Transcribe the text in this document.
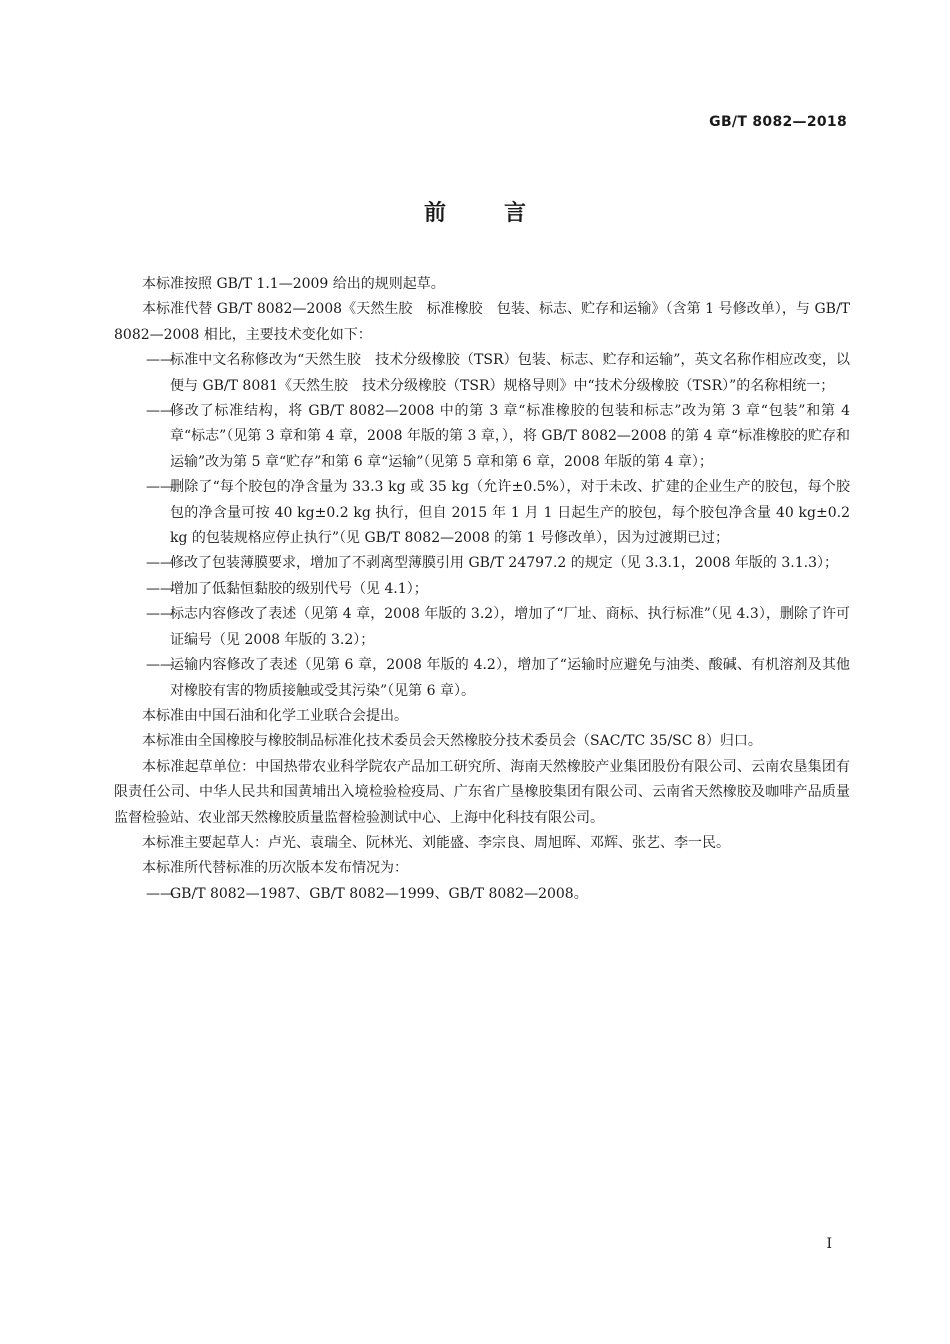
GB/T 8082—2018
前言

本标准按照 GB/T 1.1—2009 给出的规则起草。

本标准代替 GB/T 8082—2008《天然生胶　标准橡胶　包装、标志、贮存和运输》（含第 1 号修改单），与 GB/T 8082—2008 相比，主要技术变化如下：

——
标准中文名称修改为“天然生胶　技术分级橡胶（TSR）包装、标志、贮存和运输”，英文名称作相应改变，以便与 GB/T 8081《天然生胶　技术分级橡胶（TSR）规格导则》中“技术分级橡胶（TSR）”的名称相统一；
——
修改了标准结构，将 GB/T 8082—2008 中的第 3 章“标准橡胶的包装和标志”改为第 3 章“包装”和第 4 章“标志”（见第 3 章和第 4 章，2008 年版的第 3 章，），将 GB/T 8082—2008 的第 4 章“标准橡胶的贮存和运输”改为第 5 章“贮存”和第 6 章“运输”（见第 5 章和第 6 章，2008 年版的第 4 章）；
——
删除了“每个胶包的净含量为 33.3 kg 或 35 kg（允许±0.5%），对于未改、扩建的企业生产的胶包，每个胶包的净含量可按 40 kg±0.2 kg 执行，但自 2015 年 1 月 1 日起生产的胶包，每个胶包净含量 40 kg±0.2 kg 的包装规格应停止执行”（见 GB/T 8082—2008 的第 1 号修改单），因为过渡期已过；
——
修改了包装薄膜要求，增加了不剥离型薄膜引用 GB/T 24797.2 的规定（见 3.3.1，2008 年版的 3.1.3）；
——
增加了低黏恒黏胶的级别代号（见 4.1）；
——
标志内容修改了表述（见第 4 章，2008 年版的 3.2），增加了“厂址、商标、执行标准”（见 4.3），删除了许可证编号（见 2008 年版的 3.2）；
——
运输内容修改了表述（见第 6 章，2008 年版的 4.2），增加了“运输时应避免与油类、酸碱、有机溶剂及其他对橡胶有害的物质接触或受其污染”（见第 6 章）。

本标准由中国石油和化学工业联合会提出。

本标准由全国橡胶与橡胶制品标准化技术委员会天然橡胶分技术委员会（SAC/TC 35/SC 8）归口。

本标准起草单位：中国热带农业科学院农产品加工研究所、海南天然橡胶产业集团股份有限公司、云南农垦集团有限责任公司、中华人民共和国黄埔出入境检验检疫局、广东省广垦橡胶集团有限公司、云南省天然橡胶及咖啡产品质量监督检验站、农业部天然橡胶质量监督检验测试中心、上海中化科技有限公司。

本标准主要起草人：卢光、袁瑞全、阮林光、刘能盛、李宗良、周旭晖、邓辉、张艺、李一民。

本标准所代替标准的历次版本发布情况为：

——
GB/T 8082—1987、GB/T 8082—1999、GB/T 8082—2008。
I
